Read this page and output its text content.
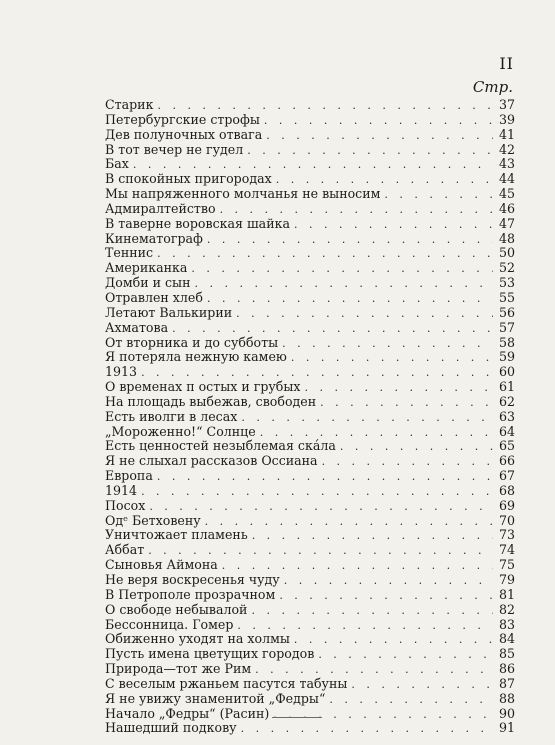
II
Стр.
Старик . . .	37
Петербургские строфы . . .	39
Дев полуночных отвага . . .	41
В тот вечер не гудел . . .	42
Бах . . .	43
В спокойных пригородах . . .	44
Мы напряженного молчанья не выносим . . .	45
Адмиралтейство . . .	46
В таверне воровская шайка . . .	47
Кинематограф . . .	48
Теннис . . .	50
Американка . . .	52
Домби и сын . . .	53
Отравлен хлеб . . .	55
Летают Валькирии . . .	56
Ахматова . . .	57
От вторника и до субботы . . .	58
Я потеряла нежную камею . . .	59
1913 . . .	60
О временах п остых и грубых . . .	61
На площадь выбежав, свободен . . .	62
Есть иволги в лесах . . .	63
„Мороженно!“ Солнце . . .	64
Есть ценностей незыблемая скáла . . .	65
Я не слыхал рассказов Оссиана . . .	66
Европа . . .	67
1914 . . .	68
Посох . . .	69
Одᵉ Бетховену . . .	70
Уничтожает пламень . . .	73
Аббат . . .	74
Сыновья Аймона . . .	75
Не веря воскресенья чуду . . .	79
В Петрополе прозрачном . . .	81
О свободе небывалой . . .	82
Бессонница. Гомер . . .	83
Обиженно уходят на холмы . . .	84
Пусть имена цветущих городов . . .	85
Природа—тот же Рим . . .	86
С веселым ржаньем пасутся табуны . . .	87
Я не увижу знаменитой „Федры“ . . .	88
Начало „Федры“ (Расин) . . .	90
Нашедший подкову . . .	91
